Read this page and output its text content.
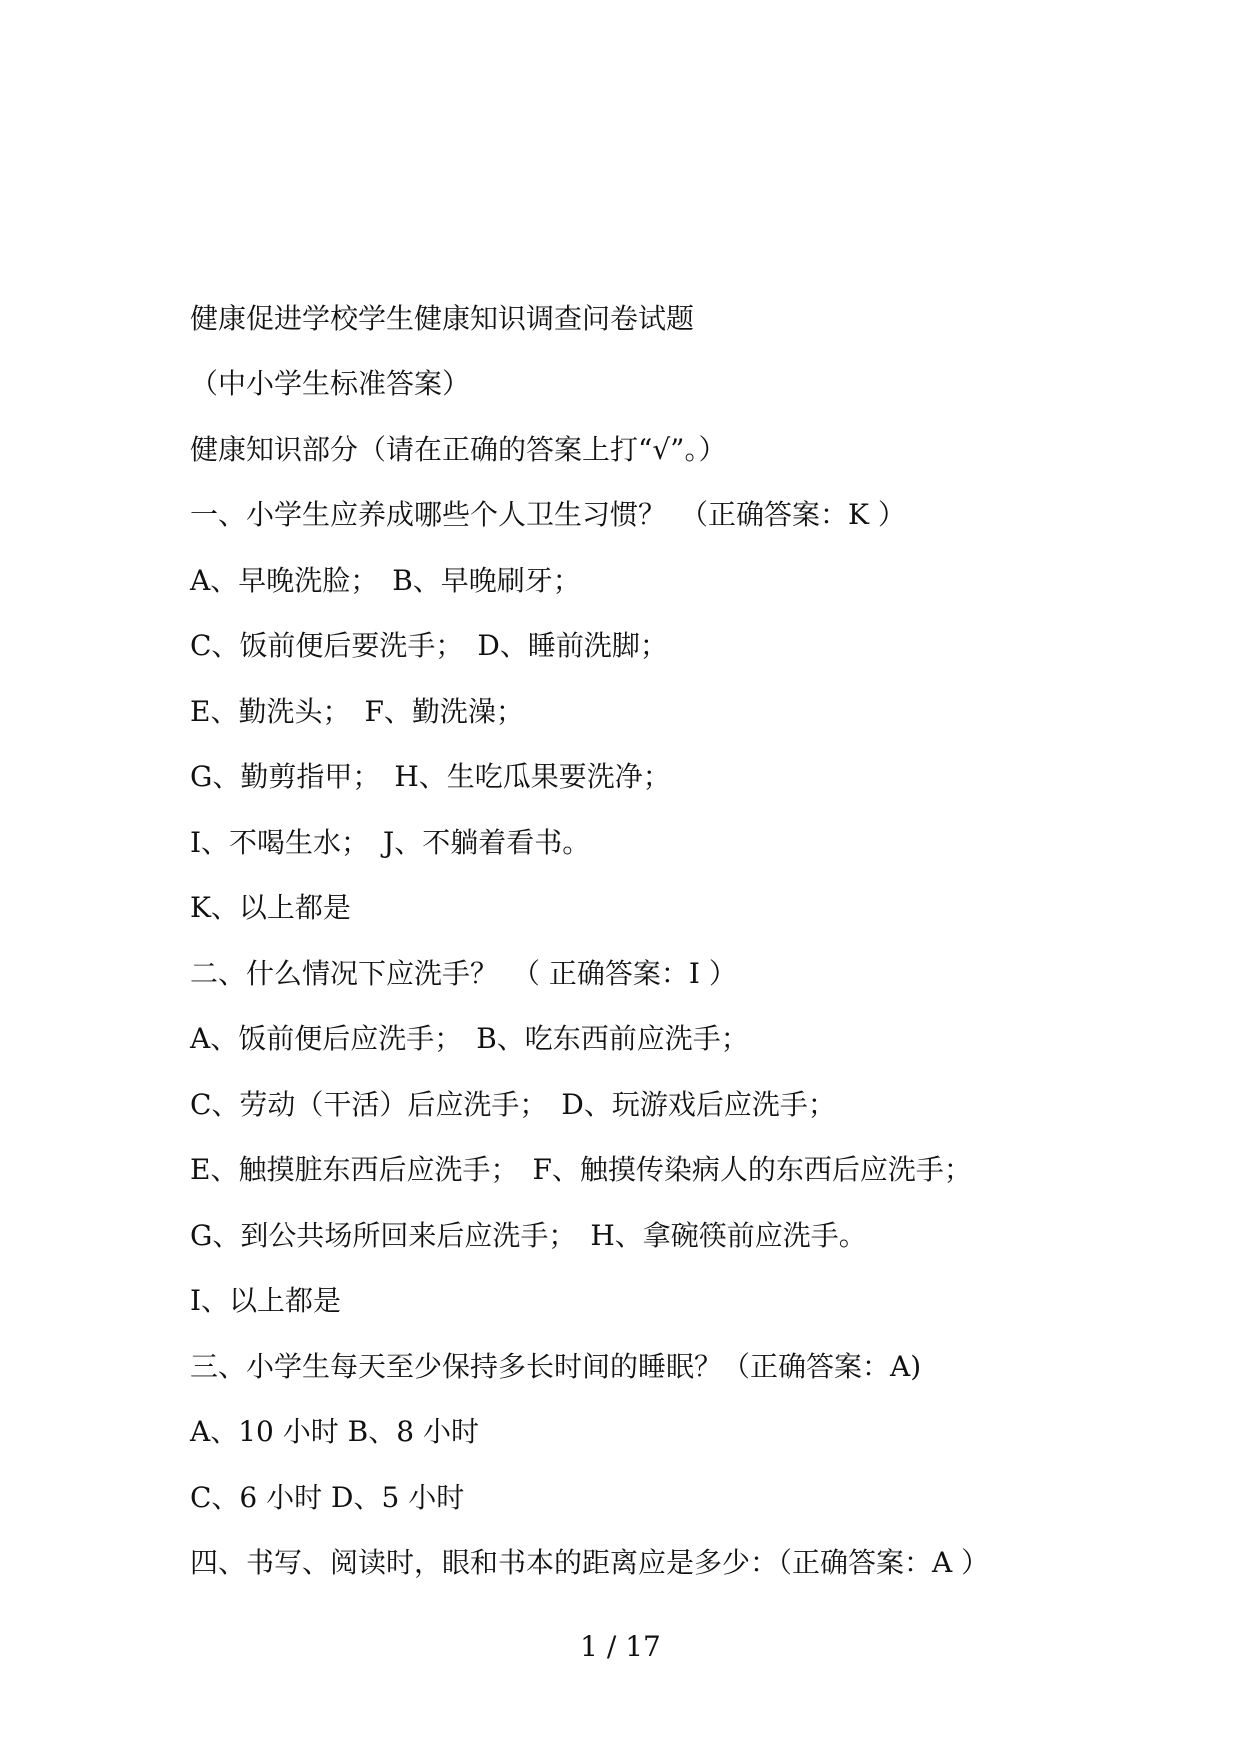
健康促进学校学生健康知识调查问卷试题
（中小学生标准答案）
健康知识部分（请在正确的答案上打“√”。）
一、小学生应养成哪些个人卫生习惯？　（正确答案：K ）
A、早晚洗脸；　B、早晚刷牙；
C、饭前便后要洗手；　D、睡前洗脚；
E、勤洗头；　F、勤洗澡；
G、勤剪指甲；　H、生吃瓜果要洗净；
I、不喝生水；　J、不躺着看书。
K、以上都是
二、什么情况下应洗手？　（ 正确答案：I ）
A、饭前便后应洗手；　B、吃东西前应洗手；
C、劳动（干活）后应洗手；　D、玩游戏后应洗手；
E、触摸脏东西后应洗手；　F、触摸传染病人的东西后应洗手；
G、到公共场所回来后应洗手；　H、拿碗筷前应洗手。
I、以上都是
三、小学生每天至少保持多长时间的睡眠？（正确答案：A)
A、10 小时 B、8 小时
C、6 小时 D、5 小时
四、书写、阅读时，眼和书本的距离应是多少：（正确答案：A ）
1 / 17
